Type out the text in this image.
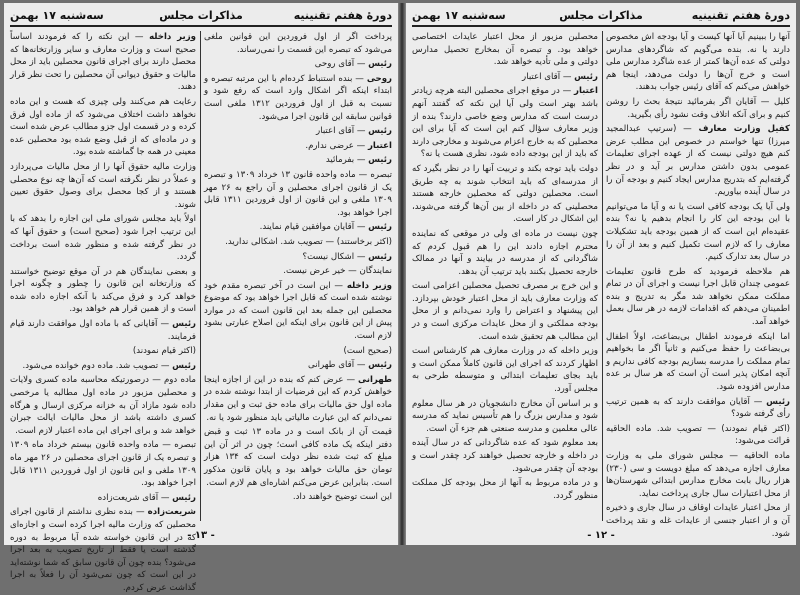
دورهٔ هفتم تقنینیه
مذاکرات مجلس
سه‌شنبه ۱۷ بهمن

پرداخت اگر از اول فروردین این قوانین ملغی می‌شود که تبصره این قسمت را نمی‌رساند.

رئیس — آقای روحی

روحی — بنده استنباط کرده‌ام با این مرتبه تبصره و ابتداء اینکه اگر اشکال وارد است که رفع شود و نسبت به قبل از اول فروردین ۱۳۱۲ ملغی است قوانین سابقه این قانون اجرا می‌شود.

رئیس — آقای اعتبار

اعتبار — عرضی ندارم.

رئیس — بفرمائید

تبصره — ماده واحده قانون ۱۳ خرداد ۱۳۰۹ و تبصره یک از قانون اجرای محصلین و آن راجع به ۲۶ مهر ۱۳۰۹ ملغی و این قانون از اول فروردین ۱۳۱۱ قابل اجرا خواهد بود.

رئیس — آقایان موافقین قیام نمایند.

(اکثر برخاستند) — تصویب شد. اشکالی ندارید.

رئیس — اشکال نیست؟

نمایندگان — خیر عرض نیست.

وزیر داخله — این است در آخر تبصره مقدم خود نوشته شده است که قابل اجرا خواهد بود که موضوع محصلین این جمله بعد این قانون است که در موارد پیش از این قانون برای اینکه این اصلاح عبارتی بشود لازم است.

(صحیح است)

رئیس — آقای طهرانی

طهرانی — عرض کنم که بنده در این از اجازه اینجا خواهش کردم که این فرضیات از ابتدا نوشته شده در ماده اول حق مالیات برای ماده حق ثبت و این مقدار نمی‌دانم که این عبارت مالیاتی باید منظور شود یا نه.

قیمت آن از بانک است و در ماده ۱۳ ثبت و قبض دفتر اینکه یک ماده کافی است؛ چون در اثر آن این مبلغ که ثبت شده نظر دولت است که ۱۳۴ هزار تومان حق مالیات خواهد بود و پایان قانون مذکور است. بنابراین عرض می‌کنم اشاره‌ای هم لازم است.

این است توضیح خواهند داد.

وزیر داخله — این نکته را که فرمودند اساساً صحیح است و وزارت معارف و سایر وزارتخانه‌ها که محصل دارند برای اجرای قانون محصلین باید از محل مالیات و حقوق دیوانی آن محصلین را تحت نظر قرار دهند.

رعایت هم می‌کنند ولی چیزی که هست و این ماده نخواهد داشت اختلاف می‌شود که از ماده اول فرق کرده و در قسمت اول جزو مطالب عرض شده است و در ماده‌ای که از قبل وضع شده بود محصلین عده معینی در همه جا گماشته شده بود.

وزارت مالیه حقوق آنها را از محل مالیات می‌پردازد و عملاً در نظر نگرفته است که آن‌ها چه نوع محصلی هستند و از کجا محصل برای وصول حقوق تعیین شوند.

اولاً باید مجلس شورای ملی این اجازه را بدهد که با این ترتیب اجرا شود (صحیح است) و حقوق آنها که در نظر گرفته شده و منظور شده است برداخت گردد.

و بعضی نمایندگان هم در آن موقع توضیح خواستند که وزارتخانه این قانون را چطور و چگونه اجرا خواهد کرد و فرق می‌کند با آنکه اجازه داده شده است و از همین قرار هم خواهد بود.

رئیس — آقایانی که با ماده اول موافقت دارند قیام فرمایند.

(اکثر قیام نمودند)

رئیس — تصویب شد. ماده دوم خوانده می‌شود.

ماده دوم — درصورتیکه محاسبه ماده کسری ولایات و محصلین مزبور در ماده اول مطالبه یا مرخصی داده شود مازاد آن به خزانه مرکزی ارسال و هرگاه کسری داشته باشد از محل مالیات ایالت جبران خواهد شد و برای اجرای این ماده اعتبار لازم است.

تبصره — ماده واحده قانون بیستم خرداد ماه ۱۳۰۹ و تبصره یک از قانون اجرای محصلین در ۲۶ مهر ماه ۱۳۰۹ ملغی و این قانون از اول فروردین ۱۳۱۱ قابل اجرا خواهد بود.

رئیس — آقای شریعت‌زاده

شریعت‌زاده — بنده نظری نداشتم از قانون اجرای محصلین که وزارت مالیه اجرا کرده است و اجازه‌ای که در این قانون خواسته شده آیا مربوط به دوره گذشته است یا فقط از تاریخ تصویب به بعد اجرا می‌شود؟ بنده چون آن قانون سابق که شما نوشته‌اید در این است که چون نمی‌شود آن را فعلاً به اجرا گذاشت عرض کردم.

- ۱۳ -
دورهٔ هفتم تقنینیه
مذاکرات مجلس
سه‌شنبه ۱۷ بهمن

آنها را ببینیم آیا آنها کیست و آیا بودجه اش مخصوص دارند یا نه. بنده می‌گویم که شاگردهای مدارس دولتی که عده آن‌ها کمتر از عده شاگرد مدارس ملی است و خرج آن‌ها را دولت می‌دهد، اینجا هم خواهش می‌کنم که آقای رئیس جواب بدهند.

کلیل — آقایان اگر بفرمائید نتیجهٔ بحث را روشن کنیم و برای آنکه اتلاف وقت نشود رأی بگیرید.

کفیل وزارت معارف — (سرتیپ عبدالمجید میرزا) تنها خواستم در خصوص این مطلب عرض کنم هیچ دولتی نیست که از عهده اجرای تعلیمات عمومی بدون داشتن مدارس بر آید و در نظر گرفته‌ایم که بتدریج مدارس ایجاد کنیم و بودجه آن را در سال آینده بیاوریم.

ولی آیا یک بودجه کافی است یا نه و آیا ما می‌توانیم با این بودجه این کار را انجام بدهیم یا نه؟ بنده عقیده‌ام این است که از همین بودجه باید تشکیلات معارف را که لازم است تکمیل کنیم و بعد از آن را در سال بعد تدارک کنیم.

هم ملاحظه فرمودید که طرح قانون تعلیمات عمومی چندان قابل اجرا نیست و اجرای آن در تمام مملکت ممکن نخواهد شد مگر به تدریج و بنده اطمینان می‌دهم که اقدامات لازمه در هر سال بعمل خواهد آمد.

اما اینکه فرمودند اطفال بی‌بضاعت، اولاً اطفال بی‌بضاعت را حفظ می‌کنیم و ثانیاً اگر ما بخواهیم تمام مملکت را مدرسه بسازیم بودجه کافی نداریم و آنچه امکان پذیر است آن است که هر سال بر عده مدارس افزوده شود.

رئیس — آقایان موافقت دارند که به همین ترتیب رأی گرفته شود؟

(اکثر قیام نمودند) — تصویب شد. ماده الحاقیه قرائت می‌شود:

ماده الحاقیه — مجلس شورای ملی به وزارت معارف اجازه می‌دهد که مبلغ دویست و سی (۲۳۰) هزار ریال بابت مخارج مدارس ابتدائی شهرستان‌ها از محل اعتبارات سال جاری پرداخت نماید.

از محل اعتبار عایدات اوقاف در سال جاری و ذخیره آن و از اعتبار جنسی از عایدات غله و نقد پرداخت شود.

محصلین مزبور از محل اعتبار عایدات اختصاصی خواهد بود. و تبصره آن بمخارج تحصیل مدارس دولتی و ملی تأدیه خواهد شد.

رئیس — آقای اعتبار

اعتبار — در موقع اجرای محصلین البته هرچه زیادتر باشد بهتر است ولی آیا این نکته که گفتند آنهم درست است که مدارس وضع خاصی دارند؟ بنده از وزیر معارف سؤال کنم این است که آیا برای این محصلین که به خارج اعزام می‌شوند و مخارجی دارند که باید از این بودجه داده شود، نظری هست یا نه؟

دولت باید توجه بکند و تربیت آنها را در نظر بگیرد که از مدرسه‌ای که باید انتخاب شوند به چه طریق است. محصلین دولتی که محصلین خارجه هستند محصلینی که در داخله از بین آن‌ها گرفته می‌شوند، این اشکال در کار است.

چون نیست در ماده ای ولی در موقعی که نماینده محترم اجازه دادند این را هم قبول کردم که شاگردانی که از مدرسه در بیایند و آنها در ممالک خارجه تحصیل بکنند باید ترتیب آن بدهد.

و این خرج بر مصرف تحصیل محصلین اعزامی است که وزارت معارف باید از محل اعتبار خودش بپردازد. این پیشنهاد و اعتراض را وارد نمی‌دانم و از محل بودجه مملکتی و از محل عایدات مرکزی است و در این مطالب هم تحقیق شده است.

وزیر داخله که در وزارت معارف هم کارشناس است اظهار کردند که اجرای این قانون کاملاً ممکن است و باید بجای تعلیمات ابتدائی و متوسطه طرحی به مجلس آورد.

و بر اساس آن مخارج دانشجویان در هر سال معلوم شود و مدارس بزرگ را هم تأسیس نماید که مدرسه عالی معلمین و مدرسه صنعتی هم جزء آن است.

بعد معلوم شود که عده شاگردانی که در سال آینده در داخله و خارجه تحصیل خواهند کرد چقدر است و بودجه آن چقدر می‌شود.

و در ماده مربوط به آنها از محل بودجه کل مملکت منظور گردد.

- ۱۲ -
